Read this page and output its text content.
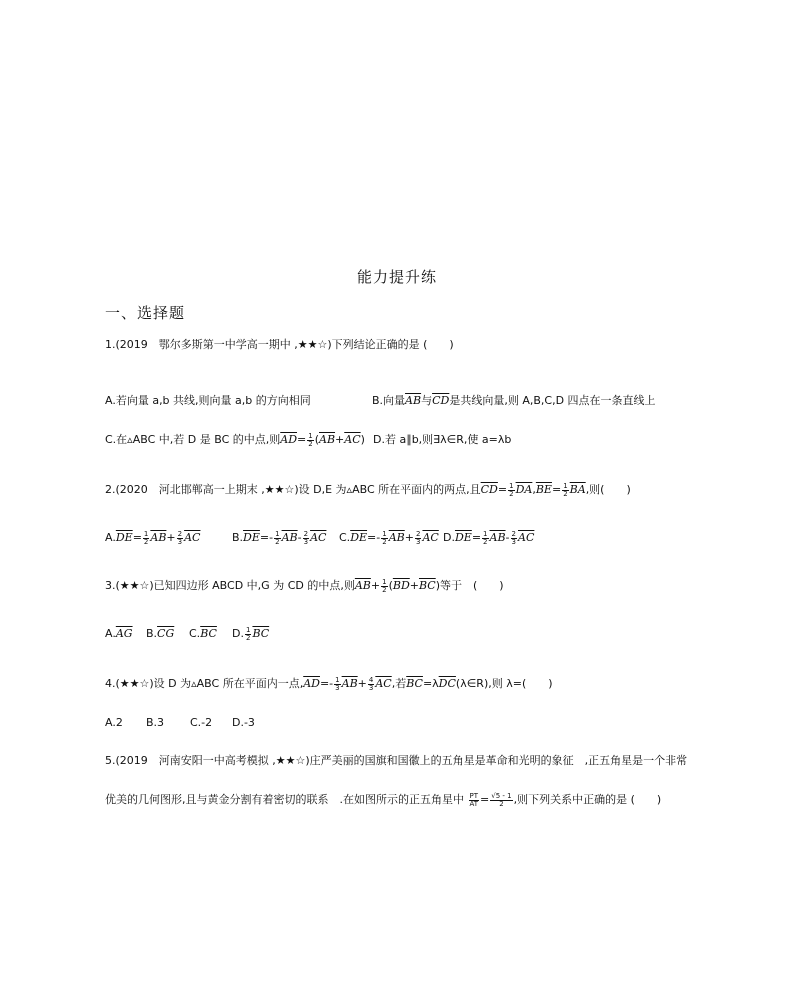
能力提升练
一、选择题
1.(2019　鄂尔多斯第一中学高一期中 ,★★☆)下列结论正确的是 (　　)
A.若向量 a,b 共线,则向量 a,b 的方向相同	B.向量$\overline{AB}$与$\overline{CD}$是共线向量,则 A,B,C,D 四点在一条直线上
C.在▵ABC 中,若 D 是 BC 的中点,则$\overline{AD}= \frac{1}{2} (\overline{AB}+\overline{AC})$ D.若 a∥b,则∃λ∈R,使 a=λb
2.(2020　河北邯郸高一上期末 ,★★☆)设 D,E 为▵ABC 所在平面内的两点,且$\overline{CD}= \frac{1}{2} \overline{DA},\overline{BE}= \frac{1}{2} \overline{BA}$,则(　　)
$A.\overline{DE}= \frac{1}{2} \overline{AB}+ \frac{2}{3} \overline{AC}$	$B.\overline{DE}=- \frac{1}{2} \overline{AB}- \frac{2}{3} \overline{AC}$ $C.\overline{DE}=- \frac{1}{2} \overline{AB}+ \frac{2}{3} \overline{AC}$ $D.\overline{DE}= \frac{1}{2} \overline{AB}- \frac{2}{3} \overline{AC}$
3.(★★☆)已知四边形 ABCD 中,G 为 CD 的中点,则$\overline{AB}+ \frac{1}{2} (\overline{BD}+\overline{BC})$等于　(　　)
$A.\overline{AG}$ $B.\overline{CG}$ $C.\overline{BC}$ D. $\frac{1}{2} \overline{BC}$
4.(★★☆)设 D 为▵ABC 所在平面内一点$,\overline{AD}=- \frac{1}{3} \overline{AB}+ \frac{4}{3} \overline{AC}$,若$\overline{BC}=\lambda\overline{DC}(\lambda\in R)$,则 λ=(　　)
A.2 B.3 C.-2 D.-3
5.(2019　河南安阳一中高考模拟 ,★★☆)庄严美丽的国旗和国徽上的五角星是革命和光明的象征　,正五角星是一个非常
优美的几何图形,且与黄金分割有着密切的联系　.在如图所示的正五角星中 $\frac{PT}{AT} = \frac{√5 - 1}{2}$ ,则下列关系中正确的是 (　　)
